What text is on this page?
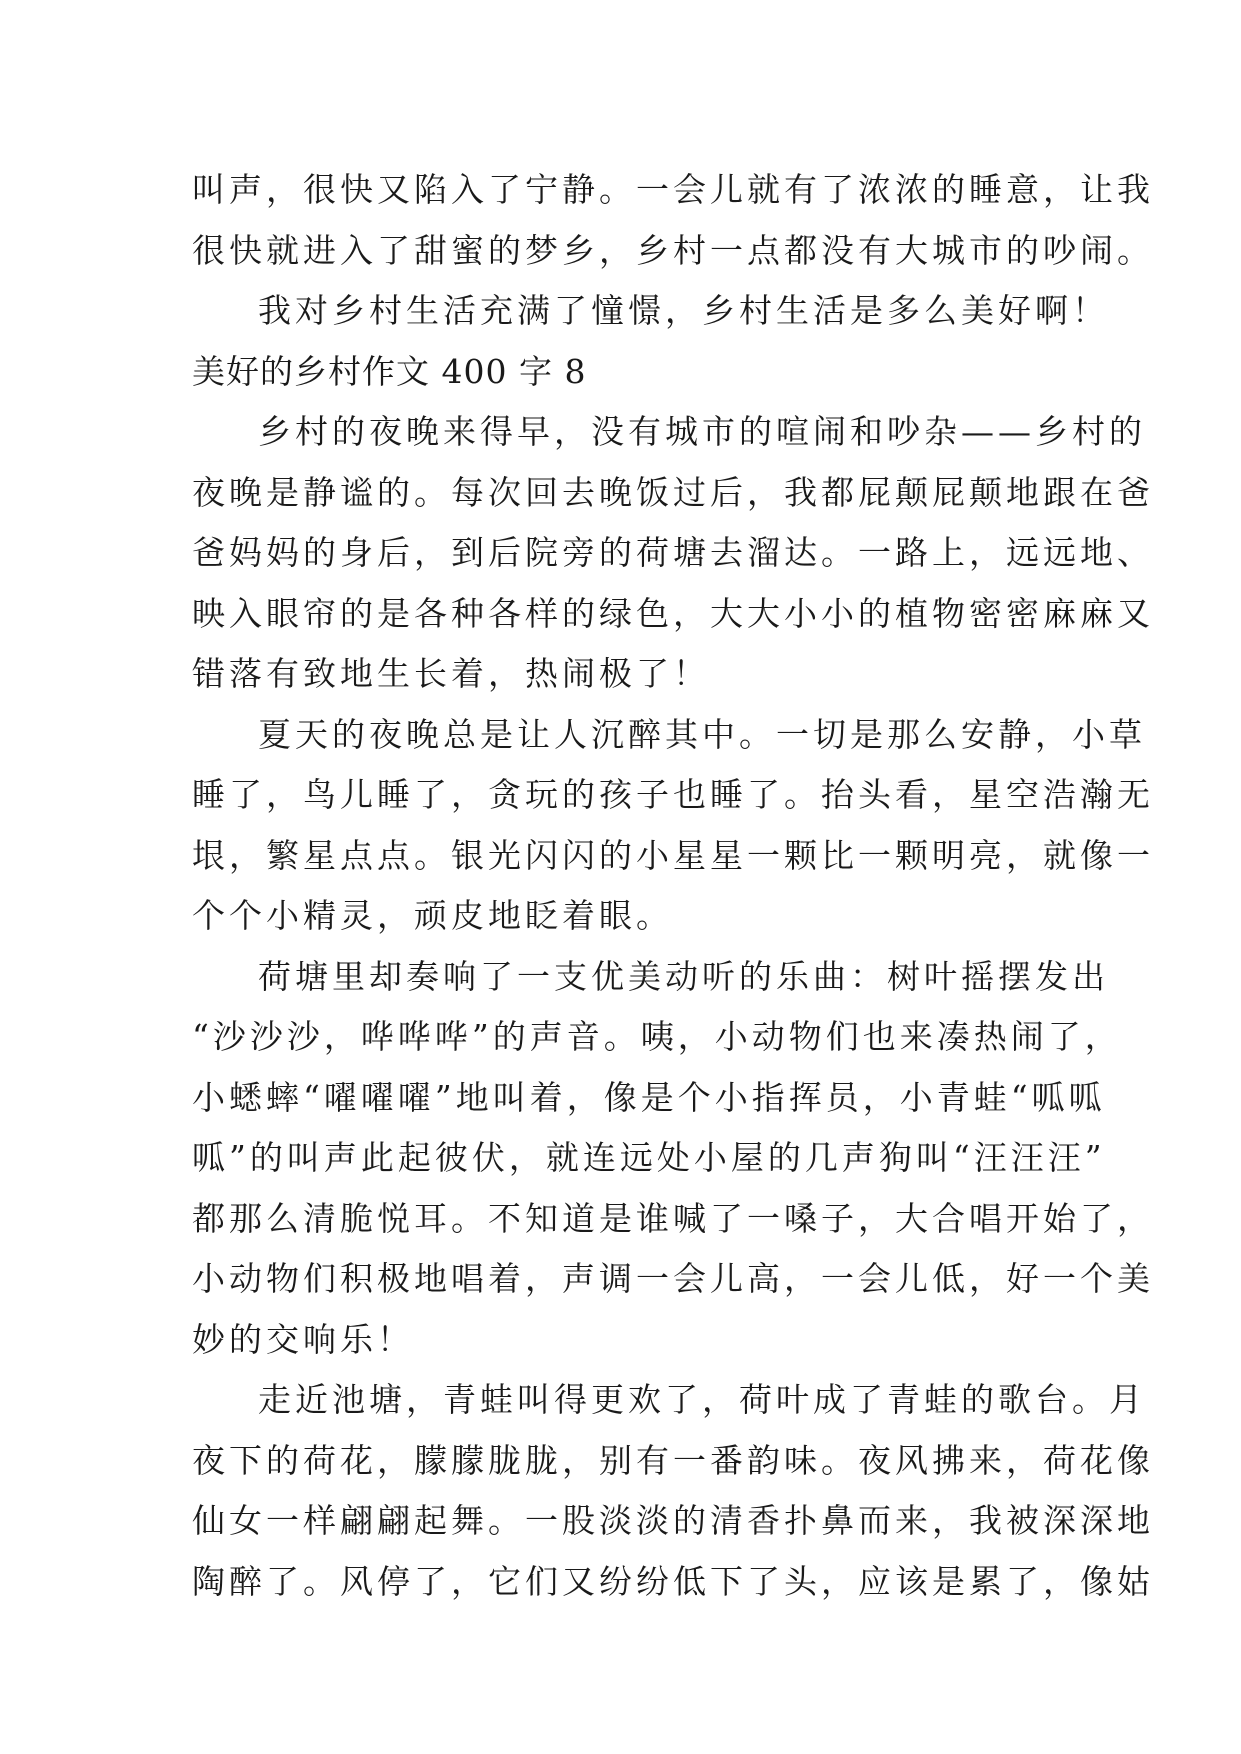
叫声，很快又陷入了宁静。一会儿就有了浓浓的睡意，让我
很快就进入了甜蜜的梦乡，乡村一点都没有大城市的吵闹。
我对乡村生活充满了憧憬，乡村生活是多么美好啊！
美好的乡村作文 400 字 8
乡村的夜晚来得早，没有城市的喧闹和吵杂——乡村的
夜晚是静谧的。每次回去晚饭过后，我都屁颠屁颠地跟在爸
爸妈妈的身后，到后院旁的荷塘去溜达。一路上，远远地、
映入眼帘的是各种各样的绿色，大大小小的植物密密麻麻又
错落有致地生长着，热闹极了！
夏天的夜晚总是让人沉醉其中。一切是那么安静，小草
睡了，鸟儿睡了，贪玩的孩子也睡了。抬头看，星空浩瀚无
垠，繁星点点。银光闪闪的小星星一颗比一颗明亮，就像一
个个小精灵，顽皮地眨着眼。
荷塘里却奏响了一支优美动听的乐曲：树叶摇摆发出
“沙沙沙，哗哗哗”的声音。咦，小动物们也来凑热闹了，
小蟋蟀“嚁嚁嚁”地叫着，像是个小指挥员，小青蛙“呱呱
呱”的叫声此起彼伏，就连远处小屋的几声狗叫“汪汪汪”
都那么清脆悦耳。不知道是谁喊了一嗓子，大合唱开始了，
小动物们积极地唱着，声调一会儿高，一会儿低，好一个美
妙的交响乐！
走近池塘，青蛙叫得更欢了，荷叶成了青蛙的歌台。月
夜下的荷花，朦朦胧胧，别有一番韵味。夜风拂来，荷花像
仙女一样翩翩起舞。一股淡淡的清香扑鼻而来，我被深深地
陶醉了。风停了，它们又纷纷低下了头，应该是累了，像姑
